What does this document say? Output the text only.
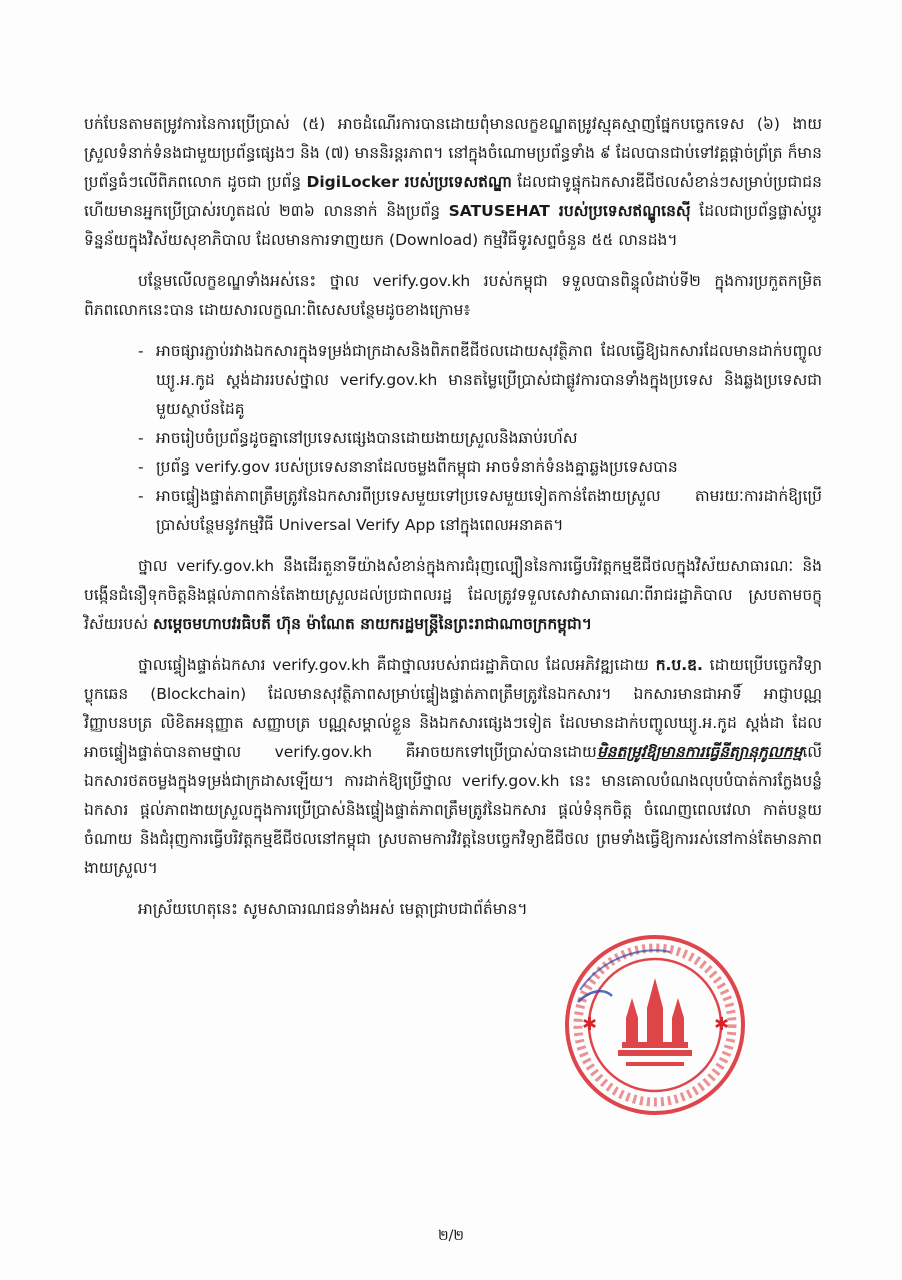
បក់បែនតាមតម្រូវការនៃការប្រើប្រាស់ (៥) អាចដំណើរការបានដោយពុំមានលក្ខខណ្ឌតម្រូវស្មុគស្មាញផ្នែកបច្ចេកទេស (៦) ងាយស្រួលទំនាក់ទំនងជាមួយប្រព័ន្ធផ្សេងៗ និង (៧) មាននិរន្តរភាព។ នៅក្នុងចំណោមប្រព័ន្ធទាំង ៩ ដែលបានជាប់ទៅវគ្គផ្តាច់ព្រ័ត្រ ក៏មានប្រព័ន្ធធំៗលើពិភពលោក ដូចជា ប្រព័ន្ធ DigiLocker របស់ប្រទេសឥណ្ឌា ដែលជាទូផ្ទុកឯកសារឌីជីថលសំខាន់ៗសម្រាប់ប្រជាជន ហើយមានអ្នកប្រើប្រាស់រហូតដល់ ២៣៦ លាននាក់ និងប្រព័ន្ធ SATUSEHAT របស់ប្រទេសឥណ្ឌូនេស៊ី ដែលជាប្រព័ន្ធផ្លាស់ប្តូរទិន្នន័យក្នុងវិស័យសុខាភិបាល ដែលមានការទាញយក (Download) កម្មវិធីទូរសព្ទចំនួន ៥៥ លានដង។

បន្ថែមលើលក្ខខណ្ឌទាំងអស់នេះ ថ្នាល verify.gov.kh របស់កម្ពុជា ទទួលបានពិន្ទុលំដាប់ទី២ ក្នុងការប្រកួតកម្រិតពិភពលោកនេះបាន ដោយសារលក្ខណៈពិសេសបន្ថែមដូចខាងក្រោម៖

- អាចផ្សារភ្ជាប់រវាងឯកសារក្នុងទម្រង់ជាក្រដាសនិងពិភពឌីជីថលដោយសុវត្ថិភាព ដែលធ្វើឱ្យឯកសារដែលមានដាក់បញ្ចូល ឃ្យូ.អ.កូដ ស្តង់ដាររបស់ថ្នាល verify.gov.kh មានតម្លៃប្រើប្រាស់ជាផ្លូវការបានទាំងក្នុងប្រទេស និងឆ្លងប្រទេសជាមួយស្ថាប័នដៃគូ
- អាចរៀបចំប្រព័ន្ធដូចគ្នានៅប្រទេសផ្សេងបានដោយងាយស្រួលនិងឆាប់រហ័ស
- ប្រព័ន្ធ verify.gov របស់ប្រទេសនានាដែលចម្លងពីកម្ពុជា អាចទំនាក់ទំនងគ្នាឆ្លងប្រទេសបាន
- អាចផ្ទៀងផ្ទាត់ភាពត្រឹមត្រូវនៃឯកសារពីប្រទេសមួយទៅប្រទេសមួយទៀតកាន់តែងាយស្រួល តាមរយៈការដាក់ឱ្យប្រើប្រាស់បន្ថែមនូវកម្មវិធី Universal Verify App នៅក្នុងពេលអនាគត។

ថ្នាល verify.gov.kh នឹងដើរតួនាទីយ៉ាងសំខាន់ក្នុងការជំរុញល្បឿននៃការធ្វើបរិវត្តកម្មឌីជីថលក្នុងវិស័យសាធារណៈ និងបង្កើនជំនឿទុកចិត្តនិងផ្តល់ភាពកាន់តែងាយស្រួលដល់ប្រជាពលរដ្ឋ ដែលត្រូវទទួលសេវាសាធារណៈពីរាជរដ្ឋាភិបាល ស្របតាមចក្ខុវិស័យរបស់ សម្តេចមហាបវរធិបតី ហ៊ុន ម៉ាណែត នាយករដ្ឋមន្ត្រីនៃព្រះរាជាណាចក្រកម្ពុជា។

ថ្នាលផ្ទៀងផ្ទាត់ឯកសារ verify.gov.kh គឺជាថ្នាលរបស់រាជរដ្ឋាភិបាល ដែលអភិវឌ្ឍដោយ ក.ប.ឌ. ដោយប្រើបច្ចេកវិទ្យាប្លុកឆេន (Blockchain) ដែលមានសុវត្ថិភាពសម្រាប់ផ្ទៀងផ្ទាត់ភាពត្រឹមត្រូវនៃឯកសារ។ ឯកសារមានជាអាទិ៍ អាជ្ញាបណ្ណ វិញ្ញាបនបត្រ លិខិតអនុញ្ញាត សញ្ញាបត្រ បណ្ណសម្គាល់ខ្លួន និងឯកសារផ្សេងៗទៀត ដែលមានដាក់បញ្ចូលឃ្យូ.អ.កូដ ស្តង់ដា ដែលអាចផ្ទៀងផ្ទាត់បានតាមថ្នាល verify.gov.kh គឺអាចយកទៅប្រើប្រាស់បានដោយមិនតម្រូវឱ្យមានការធ្វើនីត្យានុកូលកម្មលើឯកសារថតចម្លងក្នុងទម្រង់ជាក្រដាសឡើយ។ ការដាក់ឱ្យប្រើថ្នាល verify.gov.kh នេះ មានគោលបំណងលុបបំបាត់ការក្លែងបន្លំឯកសារ ផ្តល់ភាពងាយស្រួលក្នុងការប្រើប្រាស់និងផ្ទៀងផ្ទាត់ភាពត្រឹមត្រូវនៃឯកសារ ផ្តល់ទំនុកចិត្ត ចំណេញពេលវេលា កាត់បន្ថយចំណាយ និងជំរុញការធ្វើបរិវត្តកម្មឌីជីថលនៅកម្ពុជា ស្របតាមការវិវត្តនៃបច្ចេកវិទ្យាឌីជីថល ព្រមទាំងធ្វើឱ្យការរស់នៅកាន់តែមានភាពងាយស្រួល។

អាស្រ័យហេតុនេះ សូមសាធារណជនទាំងអស់ មេត្តាជ្រាបជាព័ត៌មាន។

✱	✱
២/២
